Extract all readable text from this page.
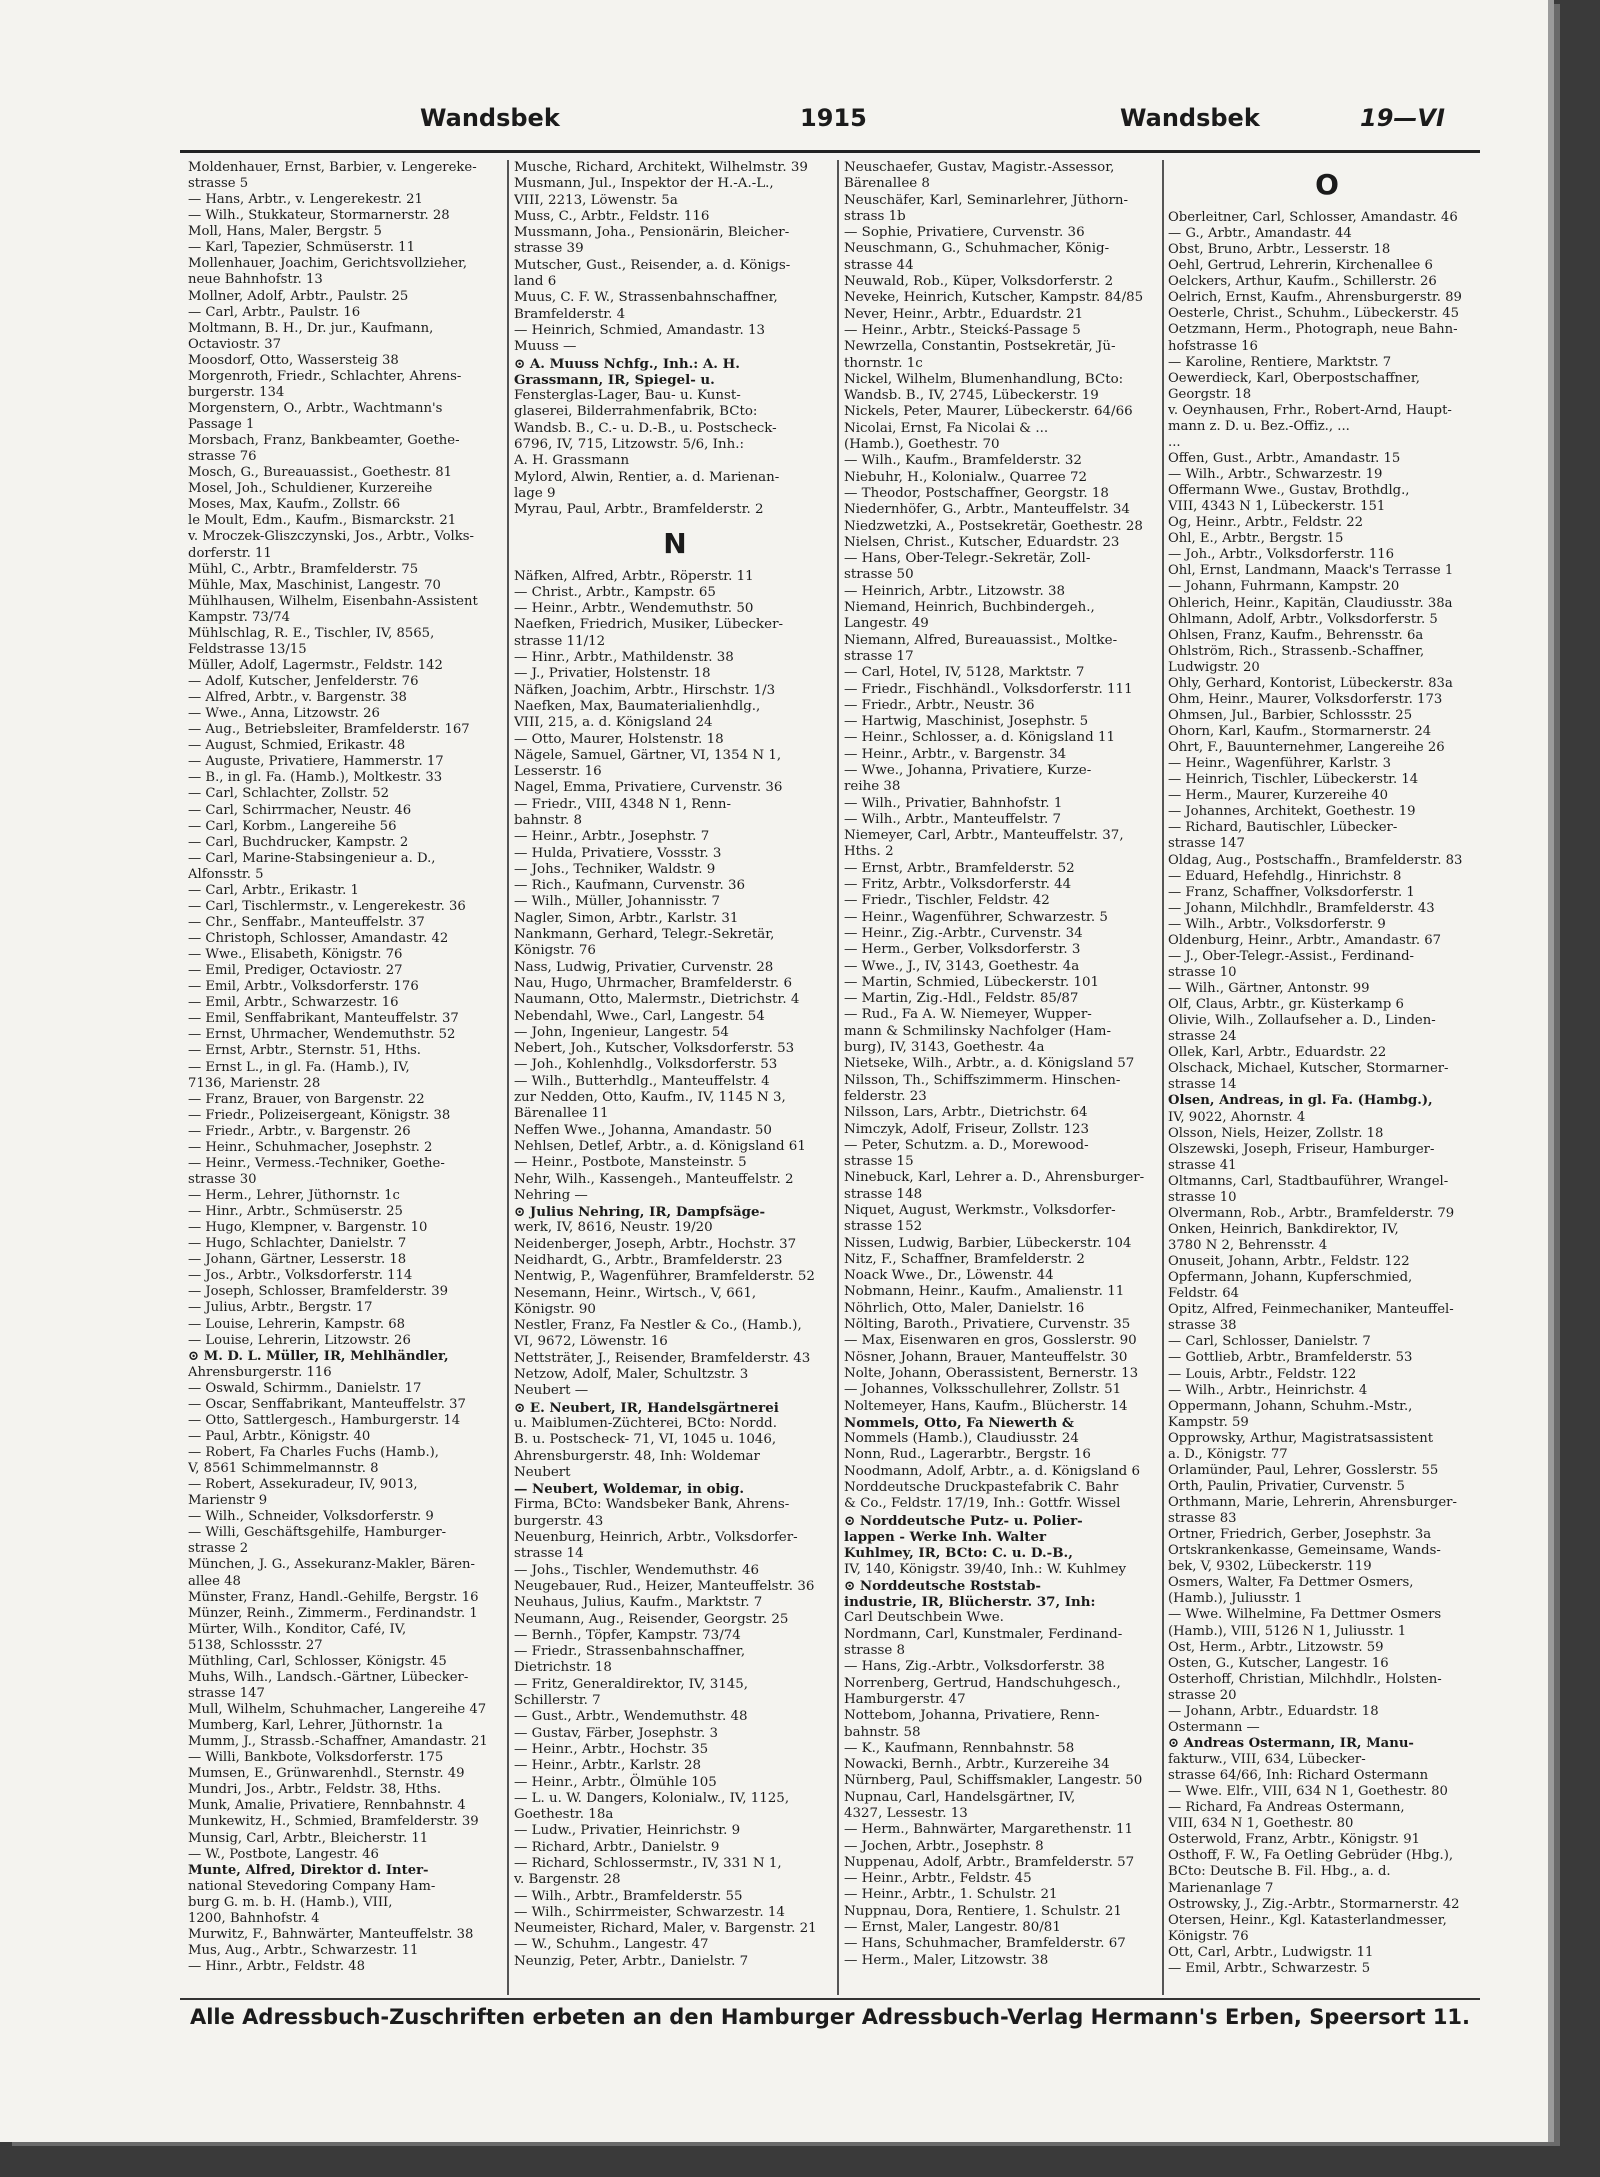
Wandsbek	1915	Wandsbek	19—VI
Moldenhauer, Ernst, Barbier, v. Lengereke-
strasse 5
— Hans, Arbtr., v. Lengerekestr. 21
— Wilh., Stukkateur, Stormarnerstr. 28
Moll, Hans, Maler, Bergstr. 5
— Karl, Tapezier, Schmüserstr. 11
Mollenhauer, Joachim, Gerichtsvollzieher,
neue Bahnhofstr. 13
Mollner, Adolf, Arbtr., Paulstr. 25
— Carl, Arbtr., Paulstr. 16
Moltmann, B. H., Dr. jur., Kaufmann,
Octaviostr. 37
Moosdorf, Otto, Wassersteig 38
Morgenroth, Friedr., Schlachter, Ahrens-
burgerstr. 134
Morgenstern, O., Arbtr., Wachtmann's
Passage 1
Morsbach, Franz, Bankbeamter, Goethe-
strasse 76
Mosch, G., Bureauassist., Goethestr. 81
Mosel, Joh., Schuldiener, Kurzereihe
Moses, Max, Kaufm., Zollstr. 66
le Moult, Edm., Kaufm., Bismarckstr. 21
v. Mroczek-Gliszczynski, Jos., Arbtr., Volks-
dorferstr. 11
Mühl, C., Arbtr., Bramfelderstr. 75
Mühle, Max, Maschinist, Langestr. 70
Mühlhausen, Wilhelm, Eisenbahn-Assistent
Kampstr. 73/74
Mühlschlag, R. E., Tischler, IV, 8565,
Feldstrasse 13/15
Müller, Adolf, Lagermstr., Feldstr. 142
— Adolf, Kutscher, Jenfelderstr. 76
— Alfred, Arbtr., v. Bargenstr. 38
— Wwe., Anna, Litzowstr. 26
— Aug., Betriebsleiter, Bramfelderstr. 167
— August, Schmied, Erikastr. 48
— Auguste, Privatiere, Hammerstr. 17
— B., in gl. Fa. (Hamb.), Moltkestr. 33
— Carl, Schlachter, Zollstr. 52
— Carl, Schirrmacher, Neustr. 46
— Carl, Korbm., Langereihe 56
— Carl, Buchdrucker, Kampstr. 2
— Carl, Marine-Stabsingenieur a. D.,
Alfonsstr. 5
— Carl, Arbtr., Erikastr. 1
— Carl, Tischlermstr., v. Lengerekestr. 36
— Chr., Senffabr., Manteuffelstr. 37
— Christoph, Schlosser, Amandastr. 42
— Wwe., Elisabeth, Königstr. 76
— Emil, Prediger, Octaviostr. 27
— Emil, Arbtr., Volksdorferstr. 176
— Emil, Arbtr., Schwarzestr. 16
— Emil, Senffabrikant, Manteuffelstr. 37
— Ernst, Uhrmacher, Wendemuthstr. 52
— Ernst, Arbtr., Sternstr. 51, Hths.
— Ernst L., in gl. Fa. (Hamb.), IV,
7136, Marienstr. 28
— Franz, Brauer, von Bargenstr. 22
— Friedr., Polizeisergeant, Königstr. 38
— Friedr., Arbtr., v. Bargenstr. 26
— Heinr., Schuhmacher, Josephstr. 2
— Heinr., Vermess.-Techniker, Goethe-
strasse 30
— Herm., Lehrer, Jüthornstr. 1c
— Hinr., Arbtr., Schmüserstr. 25
— Hugo, Klempner, v. Bargenstr. 10
— Hugo, Schlachter, Danielstr. 7
— Johann, Gärtner, Lesserstr. 18
— Jos., Arbtr., Volksdorferstr. 114
— Joseph, Schlosser, Bramfelderstr. 39
— Julius, Arbtr., Bergstr. 17
— Louise, Lehrerin, Kampstr. 68
— Louise, Lehrerin, Litzowstr. 26
⊙ M. D. L. Müller, IR, Mehlhändler,
Ahrensburgerstr. 116
— Oswald, Schirmm., Danielstr. 17
— Oscar, Senffabrikant, Manteuffelstr. 37
— Otto, Sattlergesch., Hamburgerstr. 14
— Paul, Arbtr., Königstr. 40
— Robert, Fa Charles Fuchs (Hamb.),
V, 8561 Schimmelmannstr. 8
— Robert, Assekuradeur, IV, 9013,
Marienstr 9
— Wilh., Schneider, Volksdorferstr. 9
— Willi, Geschäftsgehilfe, Hamburger-
strasse 2
München, J. G., Assekuranz-Makler, Bären-
allee 48
Münster, Franz, Handl.-Gehilfe, Bergstr. 16
Münzer, Reinh., Zimmerm., Ferdinandstr. 1
Mürter, Wilh., Konditor, Café, IV,
5138, Schlossstr. 27
Müthling, Carl, Schlosser, Königstr. 45
Muhs, Wilh., Landsch.-Gärtner, Lübecker-
strasse 147
Mull, Wilhelm, Schuhmacher, Langereihe 47
Mumberg, Karl, Lehrer, Jüthornstr. 1a
Mumm, J., Strassb.-Schaffner, Amandastr. 21
— Willi, Bankbote, Volksdorferstr. 175
Mumsen, E., Grünwarenhdl., Sternstr. 49
Mundri, Jos., Arbtr., Feldstr. 38, Hths.
Munk, Amalie, Privatiere, Rennbahnstr. 4
Munkewitz, H., Schmied, Bramfelderstr. 39
Munsig, Carl, Arbtr., Bleicherstr. 11
— W., Postbote, Langestr. 46
Munte, Alfred, Direktor d. Inter-
national Stevedoring Company Ham-
burg G. m. b. H. (Hamb.), VIII,
1200, Bahnhofstr. 4
Murwitz, F., Bahnwärter, Manteuffelstr. 38
Mus, Aug., Arbtr., Schwarzestr. 11
— Hinr., Arbtr., Feldstr. 48
Musche, Richard, Architekt, Wilhelmstr. 39
Musmann, Jul., Inspektor der H.-A.-L.,
VIII, 2213, Löwenstr. 5a
Muss, C., Arbtr., Feldstr. 116
Mussmann, Joha., Pensionärin, Bleicher-
strasse 39
Mutscher, Gust., Reisender, a. d. Königs-
land 6
Muus, C. F. W., Strassenbahnschaffner,
Bramfelderstr. 4
— Heinrich, Schmied, Amandastr. 13
Muuss —
⊙ A. Muuss Nchfg., Inh.: A. H.
Grassmann, IR, Spiegel- u.
Fensterglas-Lager, Bau- u. Kunst-
glaserei, Bilderrahmenfabrik, BCto:
Wandsb. B., C.- u. D.-B., u. Postscheck-
6796, IV, 715, Litzowstr. 5/6, Inh.:
A. H. Grassmann
Mylord, Alwin, Rentier, a. d. Marienan-
lage 9
Myrau, Paul, Arbtr., Bramfelderstr. 2
N
Näfken, Alfred, Arbtr., Röperstr. 11
— Christ., Arbtr., Kampstr. 65
— Heinr., Arbtr., Wendemuthstr. 50
Naefken, Friedrich, Musiker, Lübecker-
strasse 11/12
— Hinr., Arbtr., Mathildenstr. 38
— J., Privatier, Holstenstr. 18
Näfken, Joachim, Arbtr., Hirschstr. 1/3
Naefken, Max, Baumaterialienhdlg.,
VIII, 215, a. d. Königsland 24
— Otto, Maurer, Holstenstr. 18
Nägele, Samuel, Gärtner, VI, 1354 N 1,
Lesserstr. 16
Nagel, Emma, Privatiere, Curvenstr. 36
— Friedr., VIII, 4348 N 1, Renn-
bahnstr. 8
— Heinr., Arbtr., Josephstr. 7
— Hulda, Privatiere, Vossstr. 3
— Johs., Techniker, Waldstr. 9
— Rich., Kaufmann, Curvenstr. 36
— Wilh., Müller, Johannisstr. 7
Nagler, Simon, Arbtr., Karlstr. 31
Nankmann, Gerhard, Telegr.-Sekretär,
Königstr. 76
Nass, Ludwig, Privatier, Curvenstr. 28
Nau, Hugo, Uhrmacher, Bramfelderstr. 6
Naumann, Otto, Malermstr., Dietrichstr. 4
Nebendahl, Wwe., Carl, Langestr. 54
— John, Ingenieur, Langestr. 54
Nebert, Joh., Kutscher, Volksdorferstr. 53
— Joh., Kohlenhdlg., Volksdorferstr. 53
— Wilh., Butterhdlg., Manteuffelstr. 4
zur Nedden, Otto, Kaufm., IV, 1145 N 3,
Bärenallee 11
Neffen Wwe., Johanna, Amandastr. 50
Nehlsen, Detlef, Arbtr., a. d. Königsland 61
— Heinr., Postbote, Mansteinstr. 5
Nehr, Wilh., Kassengeh., Manteuffelstr. 2
Nehring —
⊙ Julius Nehring, IR, Dampfsäge-
werk, IV, 8616, Neustr. 19/20
Neidenberger, Joseph, Arbtr., Hochstr. 37
Neidhardt, G., Arbtr., Bramfelderstr. 23
Nentwig, P., Wagenführer, Bramfelderstr. 52
Nesemann, Heinr., Wirtsch., V, 661,
Königstr. 90
Nestler, Franz, Fa Nestler & Co., (Hamb.),
VI, 9672, Löwenstr. 16
Nettsträter, J., Reisender, Bramfelderstr. 43
Netzow, Adolf, Maler, Schultzstr. 3
Neubert —
⊙ E. Neubert, IR, Handelsgärtnerei
u. Maiblumen-Züchterei, BCto: Nordd.
B. u. Postscheck- 71, VI, 1045 u. 1046,
Ahrensburgerstr. 48, Inh: Woldemar
Neubert
— Neubert, Woldemar, in obig.
Firma, BCto: Wandsbeker Bank, Ahrens-
burgerstr. 43
Neuenburg, Heinrich, Arbtr., Volksdorfer-
strasse 14
— Johs., Tischler, Wendemuthstr. 46
Neugebauer, Rud., Heizer, Manteuffelstr. 36
Neuhaus, Julius, Kaufm., Marktstr. 7
Neumann, Aug., Reisender, Georgstr. 25
— Bernh., Töpfer, Kampstr. 73/74
— Friedr., Strassenbahnschaffner,
Dietrichstr. 18
— Fritz, Generaldirektor, IV, 3145,
Schillerstr. 7
— Gust., Arbtr., Wendemuthstr. 48
— Gustav, Färber, Josephstr. 3
— Heinr., Arbtr., Hochstr. 35
— Heinr., Arbtr., Karlstr. 28
— Heinr., Arbtr., Ölmühle 105
— L. u. W. Dangers, Kolonialw., IV, 1125,
Goethestr. 18a
— Ludw., Privatier, Heinrichstr. 9
— Richard, Arbtr., Danielstr. 9
— Richard, Schlossermstr., IV, 331 N 1,
v. Bargenstr. 28
— Wilh., Arbtr., Bramfelderstr. 55
— Wilh., Schirrmeister, Schwarzestr. 14
Neumeister, Richard, Maler, v. Bargenstr. 21
— W., Schuhm., Langestr. 47
Neunzig, Peter, Arbtr., Danielstr. 7
Neuschaefer, Gustav, Magistr.-Assessor,
Bärenallee 8
Neuschäfer, Karl, Seminarlehrer, Jüthorn-
strass 1b
— Sophie, Privatiere, Curvenstr. 36
Neuschmann, G., Schuhmacher, König-
strasse 44
Neuwald, Rob., Küper, Volksdorferstr. 2
Neveke, Heinrich, Kutscher, Kampstr. 84/85
Never, Heinr., Arbtr., Eduardstr. 21
— Heinr., Arbtr., Steickś-Passage 5
Newrzella, Constantin, Postsekretär, Jü-
thornstr. 1c
Nickel, Wilhelm, Blumenhandlung, BCto:
Wandsb. B., IV, 2745, Lübeckerstr. 19
Nickels, Peter, Maurer, Lübeckerstr. 64/66
Nicolai, Ernst, Fa Nicolai & ...
(Hamb.), Goethestr. 70
— Wilh., Kaufm., Bramfelderstr. 32
Niebuhr, H., Kolonialw., Quarree 72
— Theodor, Postschaffner, Georgstr. 18
Niedernhöfer, G., Arbtr., Manteuffelstr. 34
Niedzwetzki, A., Postsekretär, Goethestr. 28
Nielsen, Christ., Kutscher, Eduardstr. 23
— Hans, Ober-Telegr.-Sekretär, Zoll-
strasse 50
— Heinrich, Arbtr., Litzowstr. 38
Niemand, Heinrich, Buchbindergeh.,
Langestr. 49
Niemann, Alfred, Bureauassist., Moltke-
strasse 17
— Carl, Hotel, IV, 5128, Marktstr. 7
— Friedr., Fischhändl., Volksdorferstr. 111
— Friedr., Arbtr., Neustr. 36
— Hartwig, Maschinist, Josephstr. 5
— Heinr., Schlosser, a. d. Königsland 11
— Heinr., Arbtr., v. Bargenstr. 34
— Wwe., Johanna, Privatiere, Kurze-
reihe 38
— Wilh., Privatier, Bahnhofstr. 1
— Wilh., Arbtr., Manteuffelstr. 7
Niemeyer, Carl, Arbtr., Manteuffelstr. 37,
Hths. 2
— Ernst, Arbtr., Bramfelderstr. 52
— Fritz, Arbtr., Volksdorferstr. 44
— Friedr., Tischler, Feldstr. 42
— Heinr., Wagenführer, Schwarzestr. 5
— Heinr., Zig.-Arbtr., Curvenstr. 34
— Herm., Gerber, Volksdorferstr. 3
— Wwe., J., IV, 3143, Goethestr. 4a
— Martin, Schmied, Lübeckerstr. 101
— Martin, Zig.-Hdl., Feldstr. 85/87
— Rud., Fa A. W. Niemeyer, Wupper-
mann & Schmilinsky Nachfolger (Ham-
burg), IV, 3143, Goethestr. 4a
Nietseke, Wilh., Arbtr., a. d. Königsland 57
Nilsson, Th., Schiffszimmerm. Hinschen-
felderstr. 23
Nilsson, Lars, Arbtr., Dietrichstr. 64
Nimczyk, Adolf, Friseur, Zollstr. 123
— Peter, Schutzm. a. D., Morewood-
strasse 15
Ninebuck, Karl, Lehrer a. D., Ahrensburger-
strasse 148
Niquet, August, Werkmstr., Volksdorfer-
strasse 152
Nissen, Ludwig, Barbier, Lübeckerstr. 104
Nitz, F., Schaffner, Bramfelderstr. 2
Noack Wwe., Dr., Löwenstr. 44
Nobmann, Heinr., Kaufm., Amalienstr. 11
Nöhrlich, Otto, Maler, Danielstr. 16
Nölting, Baroth., Privatiere, Curvenstr. 35
— Max, Eisenwaren en gros, Gosslerstr. 90
Nösner, Johann, Brauer, Manteuffelstr. 30
Nolte, Johann, Oberassistent, Bernerstr. 13
— Johannes, Volksschullehrer, Zollstr. 51
Noltemeyer, Hans, Kaufm., Blücherstr. 14
Nommels, Otto, Fa Niewerth &
Nommels (Hamb.), Claudiusstr. 24
Nonn, Rud., Lagerarbtr., Bergstr. 16
Noodmann, Adolf, Arbtr., a. d. Königsland 6
Norddeutsche Druckpastefabrik C. Bahr
& Co., Feldstr. 17/19, Inh.: Gottfr. Wissel
⊙ Norddeutsche Putz- u. Polier-
lappen - Werke Inh. Walter
Kuhlmey, IR, BCto: C. u. D.-B.,
IV, 140, Königstr. 39/40, Inh.: W. Kuhlmey
⊙ Norddeutsche Roststab-
industrie, IR, Blücherstr. 37, Inh:
Carl Deutschbein Wwe.
Nordmann, Carl, Kunstmaler, Ferdinand-
strasse 8
— Hans, Zig.-Arbtr., Volksdorferstr. 38
Norrenberg, Gertrud, Handschuhgesch.,
Hamburgerstr. 47
Nottebom, Johanna, Privatiere, Renn-
bahnstr. 58
— K., Kaufmann, Rennbahnstr. 58
Nowacki, Bernh., Arbtr., Kurzereihe 34
Nürnberg, Paul, Schiffsmakler, Langestr. 50
Nupnau, Carl, Handelsgärtner, IV,
4327, Lessestr. 13
— Herm., Bahnwärter, Margarethenstr. 11
— Jochen, Arbtr., Josephstr. 8
Nuppenau, Adolf, Arbtr., Bramfelderstr. 57
— Heinr., Arbtr., Feldstr. 45
— Heinr., Arbtr., 1. Schulstr. 21
Nuppnau, Dora, Rentiere, 1. Schulstr. 21
— Ernst, Maler, Langestr. 80/81
— Hans, Schuhmacher, Bramfelderstr. 67
— Herm., Maler, Litzowstr. 38
O
Oberleitner, Carl, Schlosser, Amandastr. 46
— G., Arbtr., Amandastr. 44
Obst, Bruno, Arbtr., Lesserstr. 18
Oehl, Gertrud, Lehrerin, Kirchenallee 6
Oelckers, Arthur, Kaufm., Schillerstr. 26
Oelrich, Ernst, Kaufm., Ahrensburgerstr. 89
Oesterle, Christ., Schuhm., Lübeckerstr. 45
Oetzmann, Herm., Photograph, neue Bahn-
hofstrasse 16
— Karoline, Rentiere, Marktstr. 7
Oewerdieck, Karl, Oberpostschaffner,
Georgstr. 18
v. Oeynhausen, Frhr., Robert-Arnd, Haupt-
mann z. D. u. Bez.-Offiz., ...
...
Offen, Gust., Arbtr., Amandastr. 15
— Wilh., Arbtr., Schwarzestr. 19
Offermann Wwe., Gustav, Brothdlg.,
VIII, 4343 N 1, Lübeckerstr. 151
Og, Heinr., Arbtr., Feldstr. 22
Ohl, E., Arbtr., Bergstr. 15
— Joh., Arbtr., Volksdorferstr. 116
Ohl, Ernst, Landmann, Maack's Terrasse 1
— Johann, Fuhrmann, Kampstr. 20
Ohlerich, Heinr., Kapitän, Claudiusstr. 38a
Ohlmann, Adolf, Arbtr., Volksdorferstr. 5
Ohlsen, Franz, Kaufm., Behrensstr. 6a
Ohlström, Rich., Strassenb.-Schaffner,
Ludwigstr. 20
Ohly, Gerhard, Kontorist, Lübeckerstr. 83a
Ohm, Heinr., Maurer, Volksdorferstr. 173
Ohmsen, Jul., Barbier, Schlossstr. 25
Ohorn, Karl, Kaufm., Stormarnerstr. 24
Ohrt, F., Bauunternehmer, Langereihe 26
— Heinr., Wagenführer, Karlstr. 3
— Heinrich, Tischler, Lübeckerstr. 14
— Herm., Maurer, Kurzereihe 40
— Johannes, Architekt, Goethestr. 19
— Richard, Bautischler, Lübecker-
strasse 147
Oldag, Aug., Postschaffn., Bramfelderstr. 83
— Eduard, Hefehdlg., Hinrichstr. 8
— Franz, Schaffner, Volksdorferstr. 1
— Johann, Milchhdlr., Bramfelderstr. 43
— Wilh., Arbtr., Volksdorferstr. 9
Oldenburg, Heinr., Arbtr., Amandastr. 67
— J., Ober-Telegr.-Assist., Ferdinand-
strasse 10
— Wilh., Gärtner, Antonstr. 99
Olf, Claus, Arbtr., gr. Küsterkamp 6
Olivie, Wilh., Zollaufseher a. D., Linden-
strasse 24
Ollek, Karl, Arbtr., Eduardstr. 22
Olschack, Michael, Kutscher, Stormarner-
strasse 14
Olsen, Andreas, in gl. Fa. (Hambg.),
IV, 9022, Ahornstr. 4
Olsson, Niels, Heizer, Zollstr. 18
Olszewski, Joseph, Friseur, Hamburger-
strasse 41
Oltmanns, Carl, Stadtbauführer, Wrangel-
strasse 10
Olvermann, Rob., Arbtr., Bramfelderstr. 79
Onken, Heinrich, Bankdirektor, IV,
3780 N 2, Behrensstr. 4
Onuseit, Johann, Arbtr., Feldstr. 122
Opfermann, Johann, Kupferschmied,
Feldstr. 64
Opitz, Alfred, Feinmechaniker, Manteuffel-
strasse 38
— Carl, Schlosser, Danielstr. 7
— Gottlieb, Arbtr., Bramfelderstr. 53
— Louis, Arbtr., Feldstr. 122
— Wilh., Arbtr., Heinrichstr. 4
Oppermann, Johann, Schuhm.-Mstr.,
Kampstr. 59
Opprowsky, Arthur, Magistratsassistent
a. D., Königstr. 77
Orlamünder, Paul, Lehrer, Gosslerstr. 55
Orth, Paulin, Privatier, Curvenstr. 5
Orthmann, Marie, Lehrerin, Ahrensburger-
strasse 83
Ortner, Friedrich, Gerber, Josephstr. 3a
Ortskrankenkasse, Gemeinsame, Wands-
bek, V, 9302, Lübeckerstr. 119
Osmers, Walter, Fa Dettmer Osmers,
(Hamb.), Juliusstr. 1
— Wwe. Wilhelmine, Fa Dettmer Osmers
(Hamb.), VIII, 5126 N 1, Juliusstr. 1
Ost, Herm., Arbtr., Litzowstr. 59
Osten, G., Kutscher, Langestr. 16
Osterhoff, Christian, Milchhdlr., Holsten-
strasse 20
— Johann, Arbtr., Eduardstr. 18
Ostermann —
⊙ Andreas Ostermann, IR, Manu-
fakturw., VIII, 634, Lübecker-
strasse 64/66, Inh: Richard Ostermann
— Wwe. Elfr., VIII, 634 N 1, Goethestr. 80
— Richard, Fa Andreas Ostermann,
VIII, 634 N 1, Goethestr. 80
Osterwold, Franz, Arbtr., Königstr. 91
Osthoff, F. W., Fa Oetling Gebrüder (Hbg.),
BCto: Deutsche B. Fil. Hbg., a. d.
Marienanlage 7
Ostrowsky, J., Zig.-Arbtr., Stormarnerstr. 42
Otersen, Heinr., Kgl. Katasterlandmesser,
Königstr. 76
Ott, Carl, Arbtr., Ludwigstr. 11
— Emil, Arbtr., Schwarzestr. 5
Alle Adressbuch-Zuschriften erbeten an den Hamburger Adressbuch-Verlag Hermann's Erben, Speersort 11.
